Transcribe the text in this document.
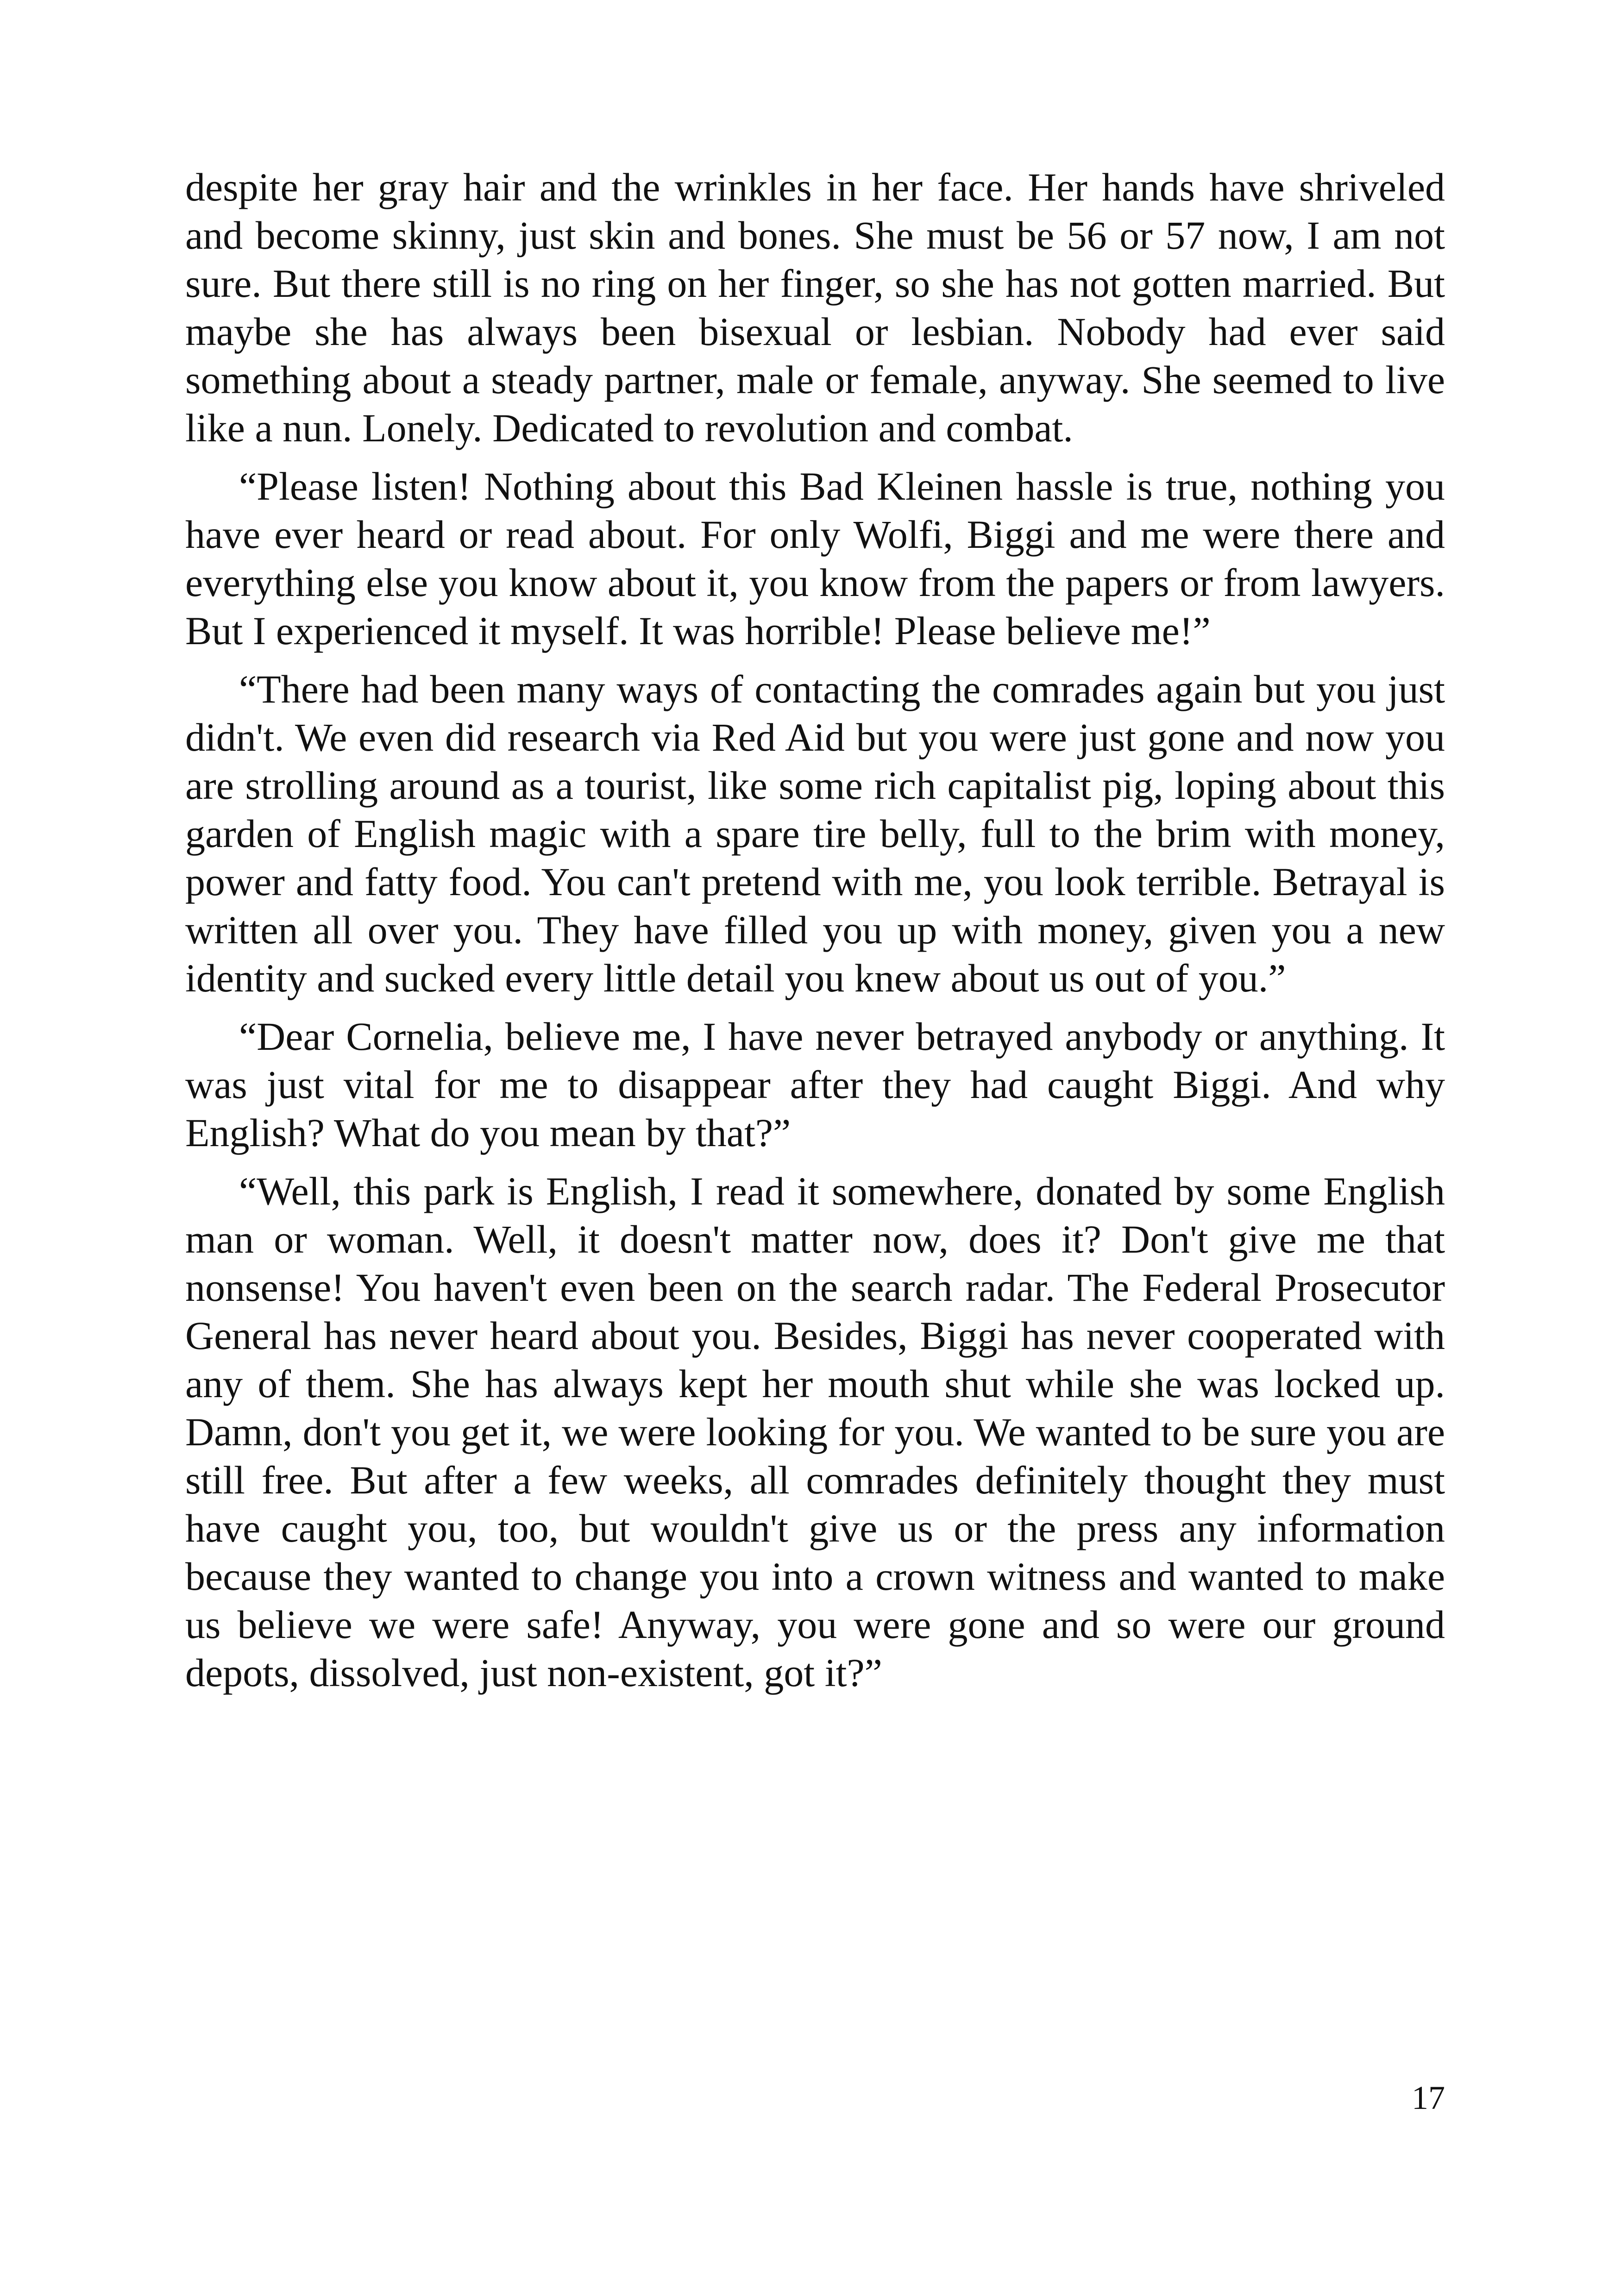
despite her gray hair and the wrinkles in her face. Her hands have shriveled and become skinny, just skin and bones. She must be 56 or 57 now, I am not sure. But there still is no ring on her finger, so she has not gotten married. But maybe she has always been bisexual or lesbian. Nobody had ever said something about a steady partner, male or female, anyway. She seemed to live like a nun. Lonely. Dedicated to revolution and combat.

“Please listen! Nothing about this Bad Kleinen hassle is true, nothing you have ever heard or read about. For only Wolfi, Biggi and me were there and everything else you know about it, you know from the papers or from lawyers. But I experienced it myself. It was horrible! Please believe me!”

“There had been many ways of contacting the comrades again but you just didn't. We even did research via Red Aid but you were just gone and now you are strolling around as a tourist, like some rich capitalist pig, loping about this garden of English magic with a spare tire belly, full to the brim with money, power and fatty food. You can't pretend with me, you look terrible. Betrayal is written all over you. They have filled you up with money, given you a new identity and sucked every little detail you knew about us out of you.”

“Dear Cornelia, believe me, I have never betrayed anybody or anything. It was just vital for me to disappear after they had caught Biggi. And why English? What do you mean by that?”

“Well, this park is English, I read it somewhere, donated by some English man or woman. Well, it doesn't matter now, does it? Don't give me that nonsense! You haven't even been on the search radar. The Federal Prosecutor General has never heard about you. Besides, Biggi has never cooperated with any of them. She has always kept her mouth shut while she was locked up. Damn, don't you get it, we were looking for you. We wanted to be sure you are still free. But after a few weeks, all comrades definitely thought they must have caught you, too, but wouldn't give us or the press any information because they wanted to change you into a crown witness and wanted to make us believe we were safe! Anyway, you were gone and so were our ground depots, dissolved, just non-existent, got it?”

17
